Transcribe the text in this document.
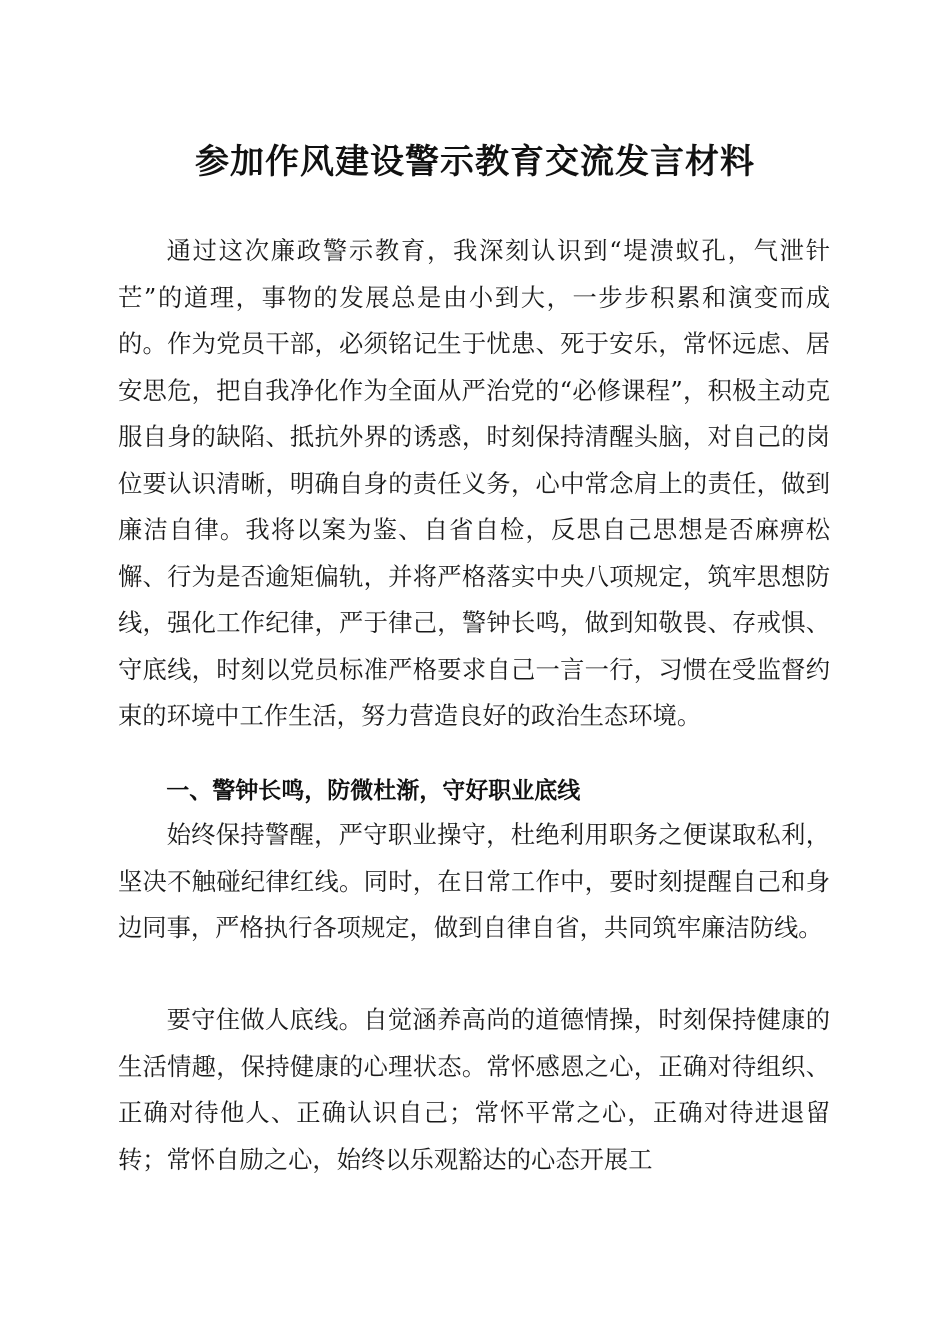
参加作风建设警示教育交流发言材料

通过这次廉政警示教育，我深刻认识到“堤溃蚁孔，气泄针芒”的道理，事物的发展总是由小到大，一步步积累和演变而成的。作为党员干部，必须铭记生于忧患、死于安乐，常怀远虑、居安思危，把自我净化作为全面从严治党的“必修课程”，积极主动克服自身的缺陷、抵抗外界的诱惑，时刻保持清醒头脑，对自己的岗位要认识清晰，明确自身的责任义务，心中常念肩上的责任，做到廉洁自律。我将以案为鉴、自省自检，反思自己思想是否麻痹松懈、行为是否逾矩偏轨，并将严格落实中央八项规定，筑牢思想防线，强化工作纪律，严于律己，警钟长鸣，做到知敬畏、存戒惧、守底线，时刻以党员标准严格要求自己一言一行，习惯在受监督约束的环境中工作生活，努力营造良好的政治生态环境。

一、警钟长鸣，防微杜渐，守好职业底线

始终保持警醒，严守职业操守，杜绝利用职务之便谋取私利，坚决不触碰纪律红线。同时，在日常工作中，要时刻提醒自己和身边同事，严格执行各项规定，做到自律自省，共同筑牢廉洁防线。

要守住做人底线。自觉涵养高尚的道德情操，时刻保持健康的生活情趣，保持健康的心理状态。常怀感恩之心，正确对待组织、正确对待他人、正确认识自己；常怀平常之心，正确对待进退留转；常怀自励之心，始终以乐观豁达的心态开展工
